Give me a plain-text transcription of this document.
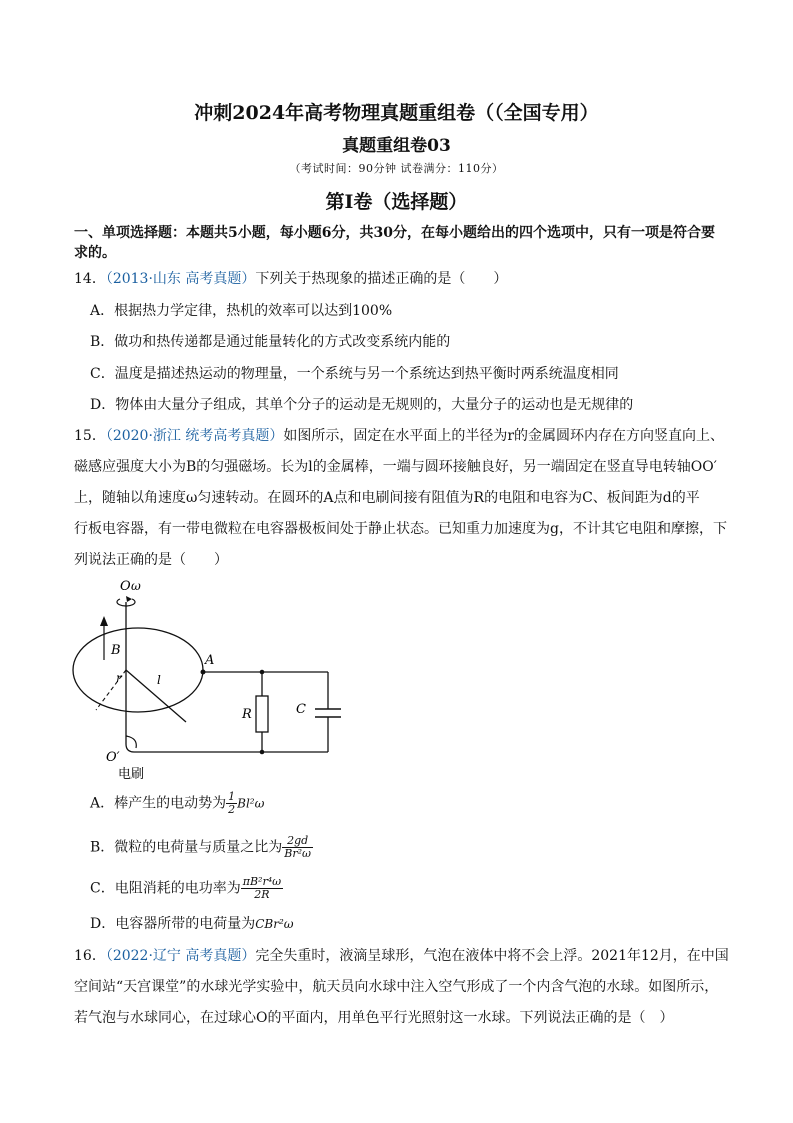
冲刺2024年高考物理真题重组卷（（全国专用）
真题重组卷03
（考试时间：90分钟 试卷满分：110分）
第I卷（选择题）
一、单项选择题：本题共5小题，每小题6分，共30分，在每小题给出的四个选项中，只有一项是符合要
求的。
14．（2013·山东 高考真题）下列关于热现象的描述正确的是（　　）
A．根据热力学定律，热机的效率可以达到100%
B．做功和热传递都是通过能量转化的方式改变系统内能的
C．温度是描述热运动的物理量，一个系统与另一个系统达到热平衡时两系统温度相同
D．物体由大量分子组成，其单个分子的运动是无规则的，大量分子的运动也是无规律的
15．（2020·浙江 统考高考真题）如图所示，固定在水平面上的半径为r的金属圆环内存在方向竖直向上、
磁感应强度大小为B的匀强磁场。长为l的金属棒，一端与圆环接触良好，另一端固定在竖直导电转轴OO′
上，随轴以角速度ω匀速转动。在圆环的A点和电刷间接有阻值为R的电阻和电容为C、板间距为d的平
行板电容器，有一带电微粒在电容器极板间处于静止状态。已知重力加速度为g，不计其它电阻和摩擦，下
列说法正确的是（　　）
O ω
B
r	l
A
R	C
O′
电刷
A．棒产生的电动势为 $\frac{1}{2} Bl^2\omega$
B．微粒的电荷量与质量之比为 $\frac{2gd}{\text{Br²ω}}$
C．电阻消耗的电功率为 $\frac{\text{πB²r⁴ω}}{2R}$
D．电容器所带的电荷量为CBr²ω
16．（2022·辽宁 高考真题）完全失重时，液滴呈球形，气泡在液体中将不会上浮。2021年12月，在中国
空间站“天宫课堂”的水球光学实验中，航天员向水球中注入空气形成了一个内含气泡的水球。如图所示，
若气泡与水球同心，在过球心O的平面内，用单色平行光照射这一水球。下列说法正确的是（　）
